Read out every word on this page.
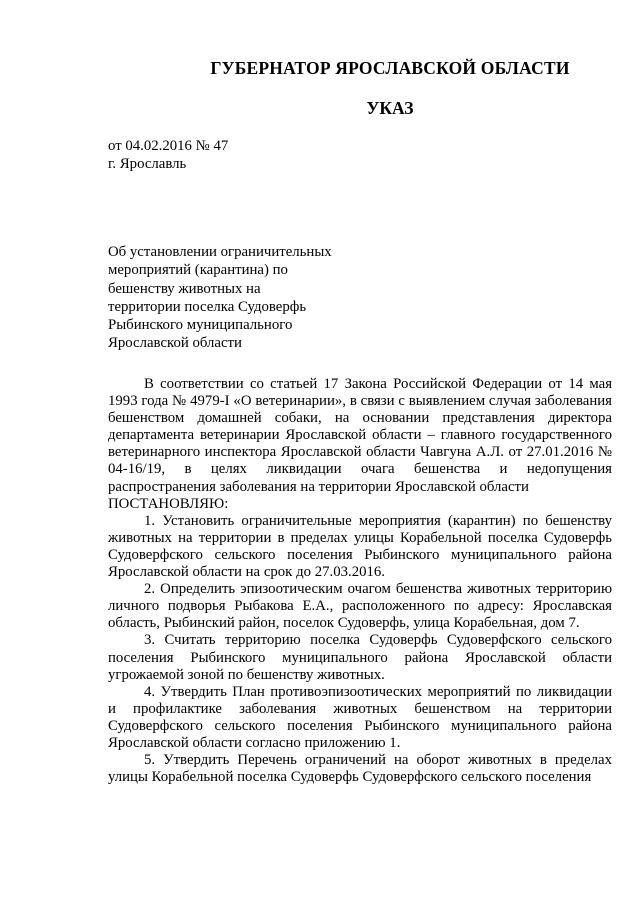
ГУБЕРНАТОР ЯРОСЛАВСКОЙ ОБЛАСТИ
УКАЗ
от 04.02.2016 № 47
г. Ярославль
Об установлении ограничительных
мероприятий (карантина) по
бешенству животных на
территории поселка Судоверфь
Рыбинского муниципального
Ярославской области

В соответствии со статьей 17 Закона Российской Федерации от 14 мая 1993 года № 4979-I «О ветеринарии», в связи с выявлением случая заболевания бешенством домашней собаки, на основании представления директора департамента ветеринарии Ярославской области – главного государственного ветеринарного инспектора Ярославской области Чавгуна А.Л. от 27.01.2016 № 04-16/19, в целях ликвидации очага бешенства и недопущения распространения заболевания на территории Ярославской области

ПОСТАНОВЛЯЮ:

1. Установить ограничительные мероприятия (карантин) по бешенству животных на территории в пределах улицы Корабельной поселка Судоверфь Судоверфского сельского поселения Рыбинского муниципального района Ярославской области на срок до 27.03.2016.

2. Определить эпизоотическим очагом бешенства животных территорию личного подворья Рыбакова Е.А., расположенного по адресу: Ярославская область, Рыбинский район, поселок Судоверфь, улица Корабельная, дом 7.

3. Считать территорию поселка Судоверфь Судоверфского сельского поселения Рыбинского муниципального района Ярославской области угрожаемой зоной по бешенству животных.

4. Утвердить План противоэпизоотических мероприятий по ликвидации и профилактике заболевания животных бешенством на территории Судоверфского сельского поселения Рыбинского муниципального района Ярославской области согласно приложению 1.

5. Утвердить Перечень ограничений на оборот животных в пределах улицы Корабельной поселка Судоверфь Судоверфского сельского поселения
